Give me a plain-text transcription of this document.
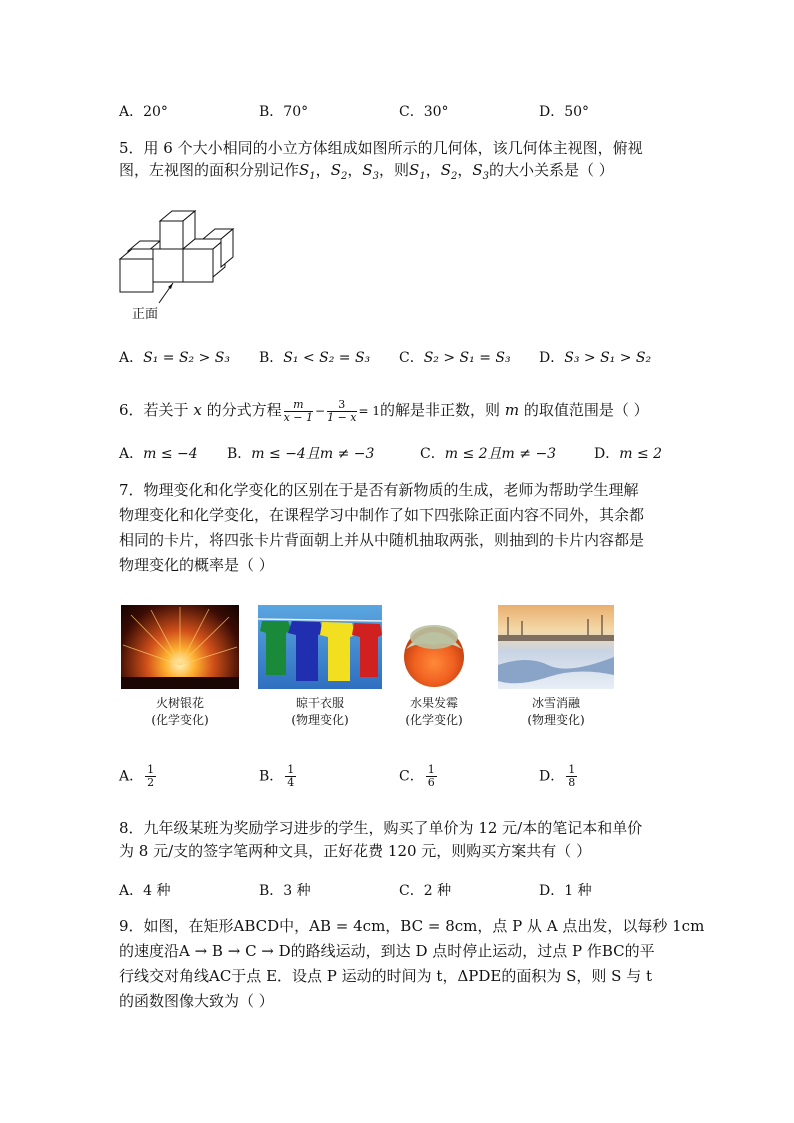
A．20°	B．70°	C．30°	D．50°
5．用 6 个大小相同的小立方体组成如图所示的几何体，该几何体主视图，俯视
图，左视图的面积分别记作$S_1$，$S_2$，$S_3$，则$S_1$，$S_2$，$S_3$的大小关系是（ ）
正面
A．S₁ = S₂ > S₃ B．S₁ < S₂ = S₃ C．S₂ > S₁ = S₃ D．S₃ > S₁ > S₂
6．若关于 x 的分式方程 $\frac{m}{x - 1} - \frac{3}{1 - x} = 1$的解是非正数，则 m 的取值范围是（ ）
A．m ≤ −4 B．m ≤ −4且m ≠ −3	C．m ≤ 2且m ≠ −3	D．m ≤ 2
7．物理变化和化学变化的区别在于是否有新物质的生成，老师为帮助学生理解
物理变化和化学变化，在课程学习中制作了如下四张除正面内容不同外，其余都
相同的卡片，将四张卡片背面朝上并从中随机抽取两张，则抽到的卡片内容都是
物理变化的概率是（ ）
火树银花
(化学变化)
晾干衣服
(物理变化)
水果发霉
(化学变化)
冰雪消融
(物理变化)
A． $\frac{1}{2}$	B． $\frac{1}{4}$	C． $\frac{1}{6}$	D． $\frac{1}{8}$
8．九年级某班为奖励学习进步的学生，购买了单价为 12 元/本的笔记本和单价
为 8 元/支的签字笔两种文具，正好花费 120 元，则购买方案共有（ ）
A．4 种	B．3 种	C．2 种	D．1 种
9．如图，在矩形ABCD中，AB = 4cm，BC = 8cm，点 P 从 A 点出发，以每秒 1cm
的速度沿A → B → C → D的路线运动，到达 D 点时停止运动，过点 P 作BC的平
行线交对角线AC于点 E．设点 P 运动的时间为 t，ΔPDE的面积为 S，则 S 与 t
的函数图像大致为（ ）
